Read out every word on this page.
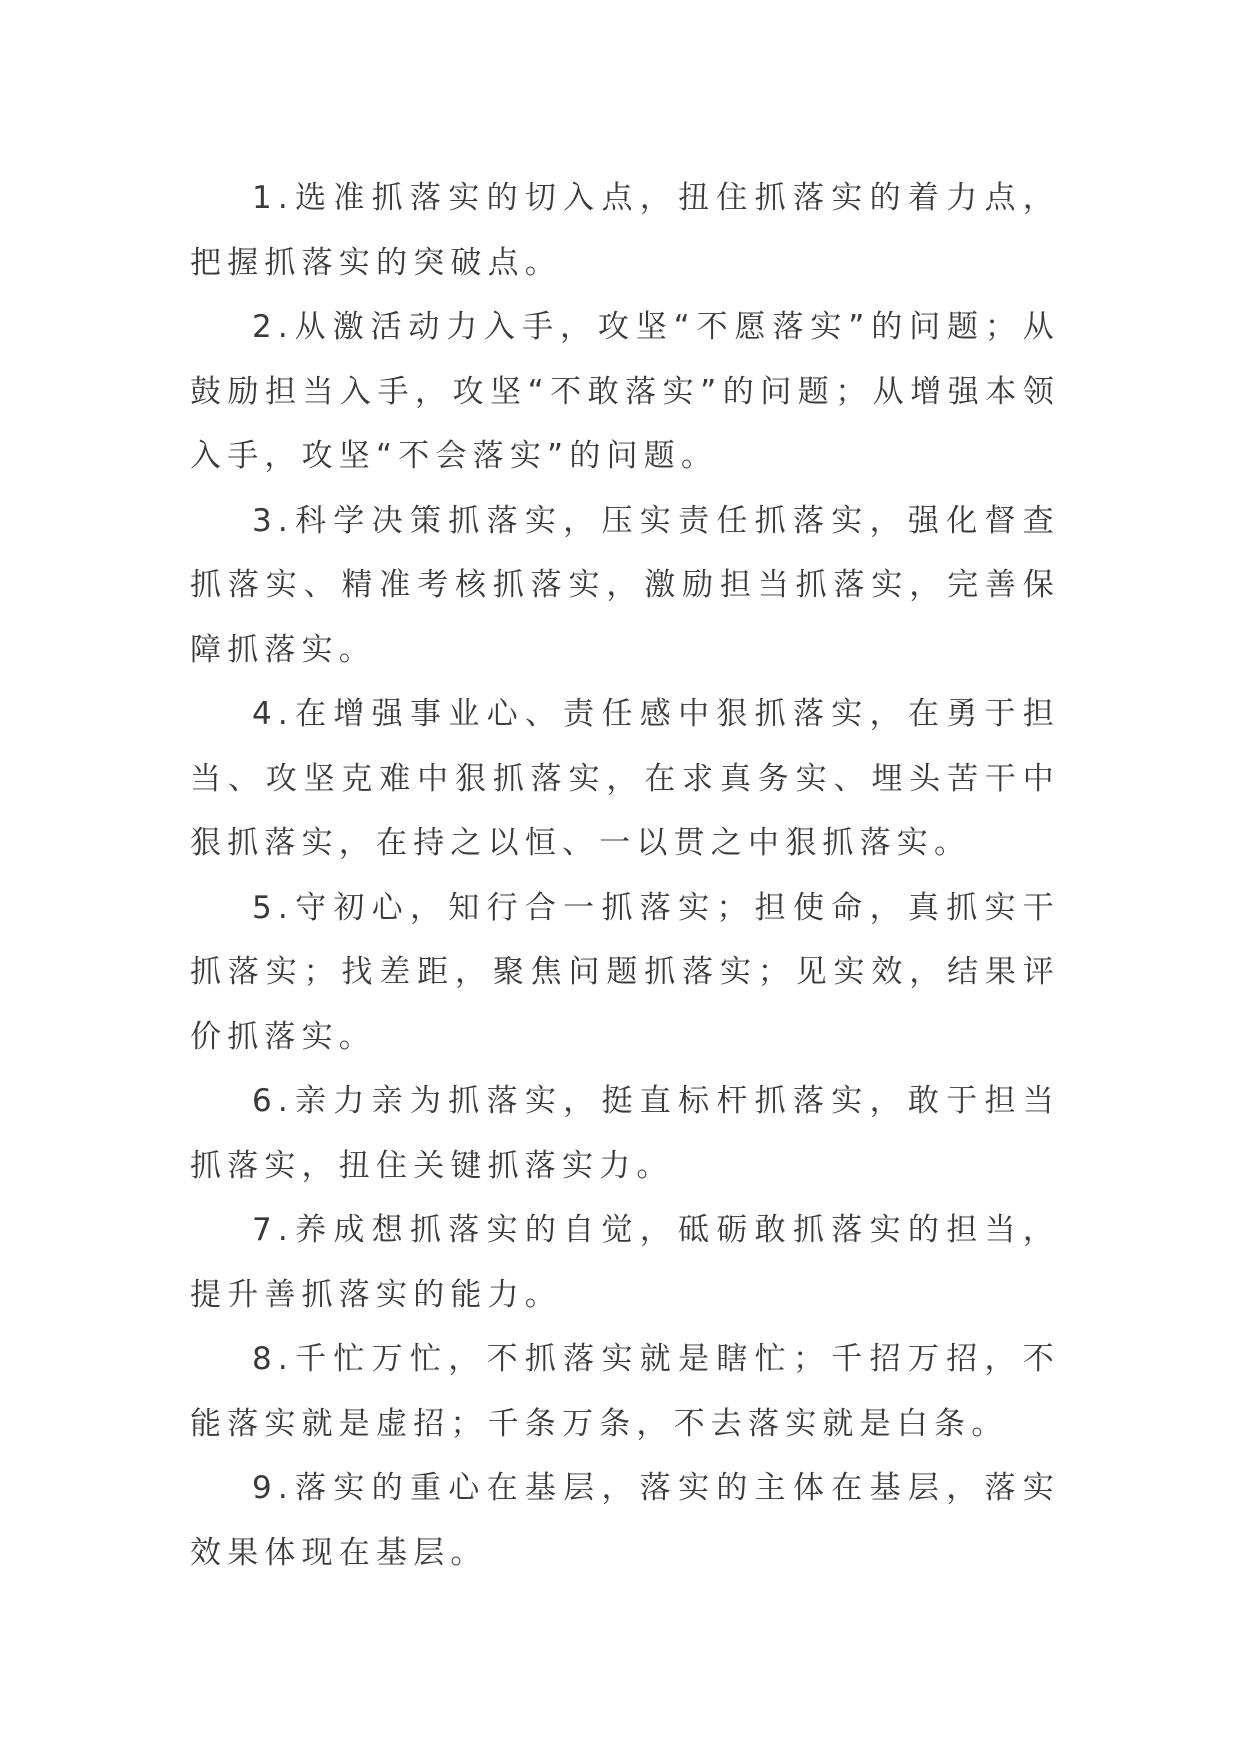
1.选准抓落实的切入点，扭住抓落实的着力点，把握抓落实的突破点。

2.从激活动力入手，攻坚“不愿落实”的问题；从鼓励担当入手，攻坚“不敢落实”的问题；从增强本领入手，攻坚“不会落实”的问题。

3.科学决策抓落实，压实责任抓落实，强化督查抓落实、精准考核抓落实，激励担当抓落实，完善保障抓落实。

4.在增强事业心、责任感中狠抓落实，在勇于担当、攻坚克难中狠抓落实，在求真务实、埋头苦干中狠抓落实，在持之以恒、一以贯之中狠抓落实。

5.守初心，知行合一抓落实；担使命，真抓实干抓落实；找差距，聚焦问题抓落实；见实效，结果评价抓落实。

6.亲力亲为抓落实，挺直标杆抓落实，敢于担当抓落实，扭住关键抓落实力。

7.养成想抓落实的自觉，砥砺敢抓落实的担当，提升善抓落实的能力。

8.千忙万忙，不抓落实就是瞎忙；千招万招，不能落实就是虚招；千条万条，不去落实就是白条。

9.落实的重心在基层，落实的主体在基层，落实效果体现在基层。
